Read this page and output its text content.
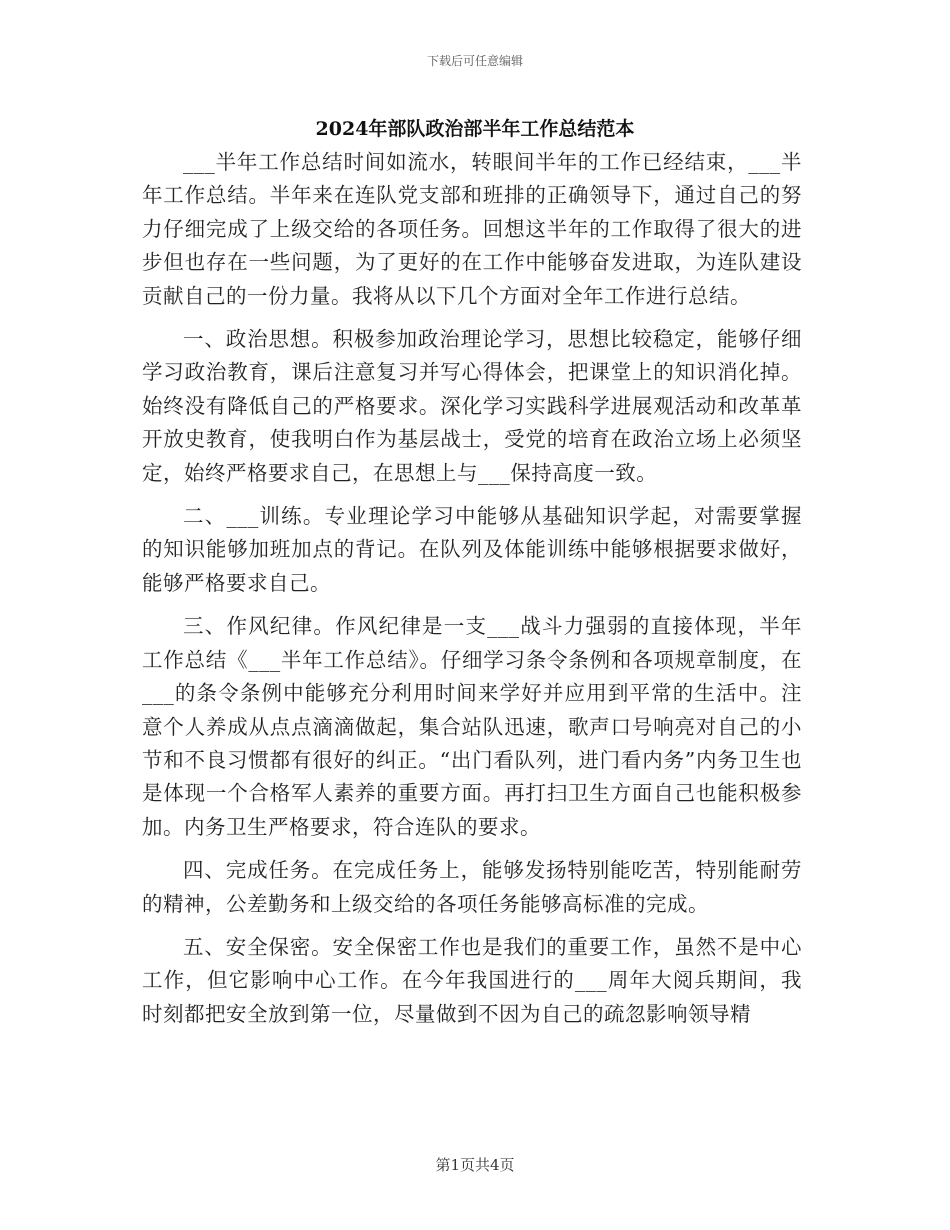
下载后可任意编辑
2024年部队政治部半年工作总结范本

___半年工作总结时间如流水，转眼间半年的工作已经结束，___半年工作总结。半年来在连队党支部和班排的正确领导下，通过自己的努力仔细完成了上级交给的各项任务。回想这半年的工作取得了很大的进步但也存在一些问题，为了更好的在工作中能够奋发进取，为连队建设贡献自己的一份力量。我将从以下几个方面对全年工作进行总结。

一、政治思想。积极参加政治理论学习，思想比较稳定，能够仔细学习政治教育，课后注意复习并写心得体会，把课堂上的知识消化掉。始终没有降低自己的严格要求。深化学习实践科学进展观活动和改革革开放史教育，使我明白作为基层战士，受党的培育在政治立场上必须坚定，始终严格要求自己，在思想上与___保持高度一致。

二、___训练。专业理论学习中能够从基础知识学起，对需要掌握的知识能够加班加点的背记。在队列及体能训练中能够根据要求做好，能够严格要求自己。

三、作风纪律。作风纪律是一支___战斗力强弱的直接体现，半年工作总结《___半年工作总结》。仔细学习条令条例和各项规章制度，在___的条令条例中能够充分利用时间来学好并应用到平常的生活中。注意个人养成从点点滴滴做起，集合站队迅速，歌声口号响亮对自己的小节和不良习惯都有很好的纠正。“出门看队列，进门看内务”内务卫生也是体现一个合格军人素养的重要方面。再打扫卫生方面自己也能积极参加。内务卫生严格要求，符合连队的要求。

四、完成任务。在完成任务上，能够发扬特别能吃苦，特别能耐劳的精神，公差勤务和上级交给的各项任务能够高标准的完成。

五、安全保密。安全保密工作也是我们的重要工作，虽然不是中心工作，但它影响中心工作。在今年我国进行的___周年大阅兵期间，我时刻都把安全放到第一位，尽量做到不因为自己的疏忽影响领导精

第1页共4页
